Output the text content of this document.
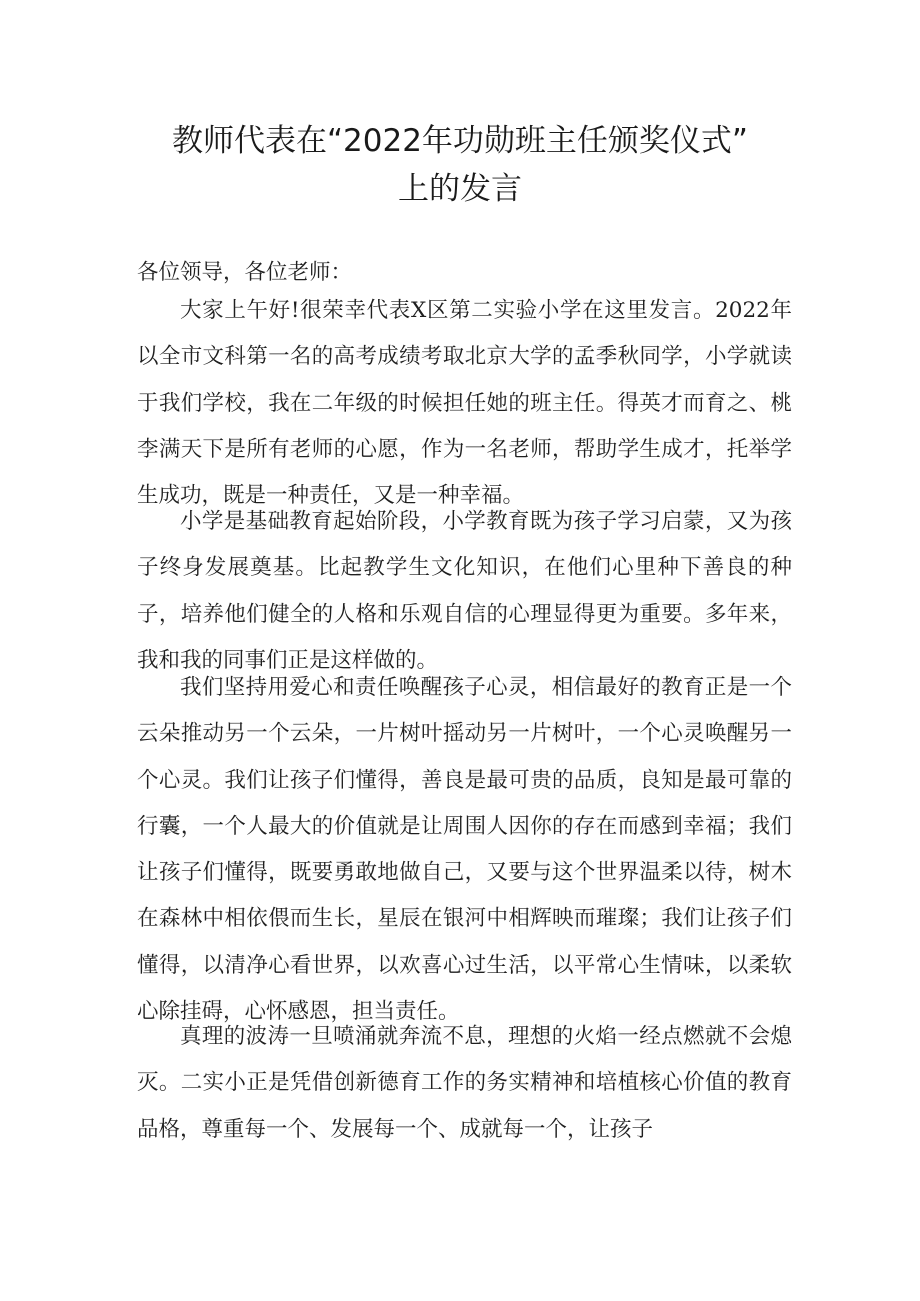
教师代表在“2022年功勋班主任颁奖仪式”
上的发言
各位领导，各位老师：

大家上午好!很荣幸代表X区第二实验小学在这里发言。2022年以全市文科第一名的高考成绩考取北京大学的孟季秋同学，小学就读于我们学校，我在二年级的时候担任她的班主任。得英才而育之、桃李满天下是所有老师的心愿，作为一名老师，帮助学生成才，托举学生成功，既是一种责任，又是一种幸福。

小学是基础教育起始阶段，小学教育既为孩子学习启蒙，又为孩子终身发展奠基。比起教学生文化知识，在他们心里种下善良的种子，培养他们健全的人格和乐观自信的心理显得更为重要。多年来，我和我的同事们正是这样做的。

我们坚持用爱心和责任唤醒孩子心灵，相信最好的教育正是一个云朵推动另一个云朵，一片树叶摇动另一片树叶，一个心灵唤醒另一个心灵。我们让孩子们懂得，善良是最可贵的品质，良知是最可靠的行囊，一个人最大的价值就是让周围人因你的存在而感到幸福；我们让孩子们懂得，既要勇敢地做自己，又要与这个世界温柔以待，树木在森林中相依偎而生长，星辰在银河中相辉映而璀璨；我们让孩子们懂得，以清净心看世界，以欢喜心过生活，以平常心生情味，以柔软心除挂碍，心怀感恩，担当责任。

真理的波涛一旦喷涌就奔流不息，理想的火焰一经点燃就不会熄灭。二实小正是凭借创新德育工作的务实精神和培植核心价值的教育品格，尊重每一个、发展每一个、成就每一个，让孩子
